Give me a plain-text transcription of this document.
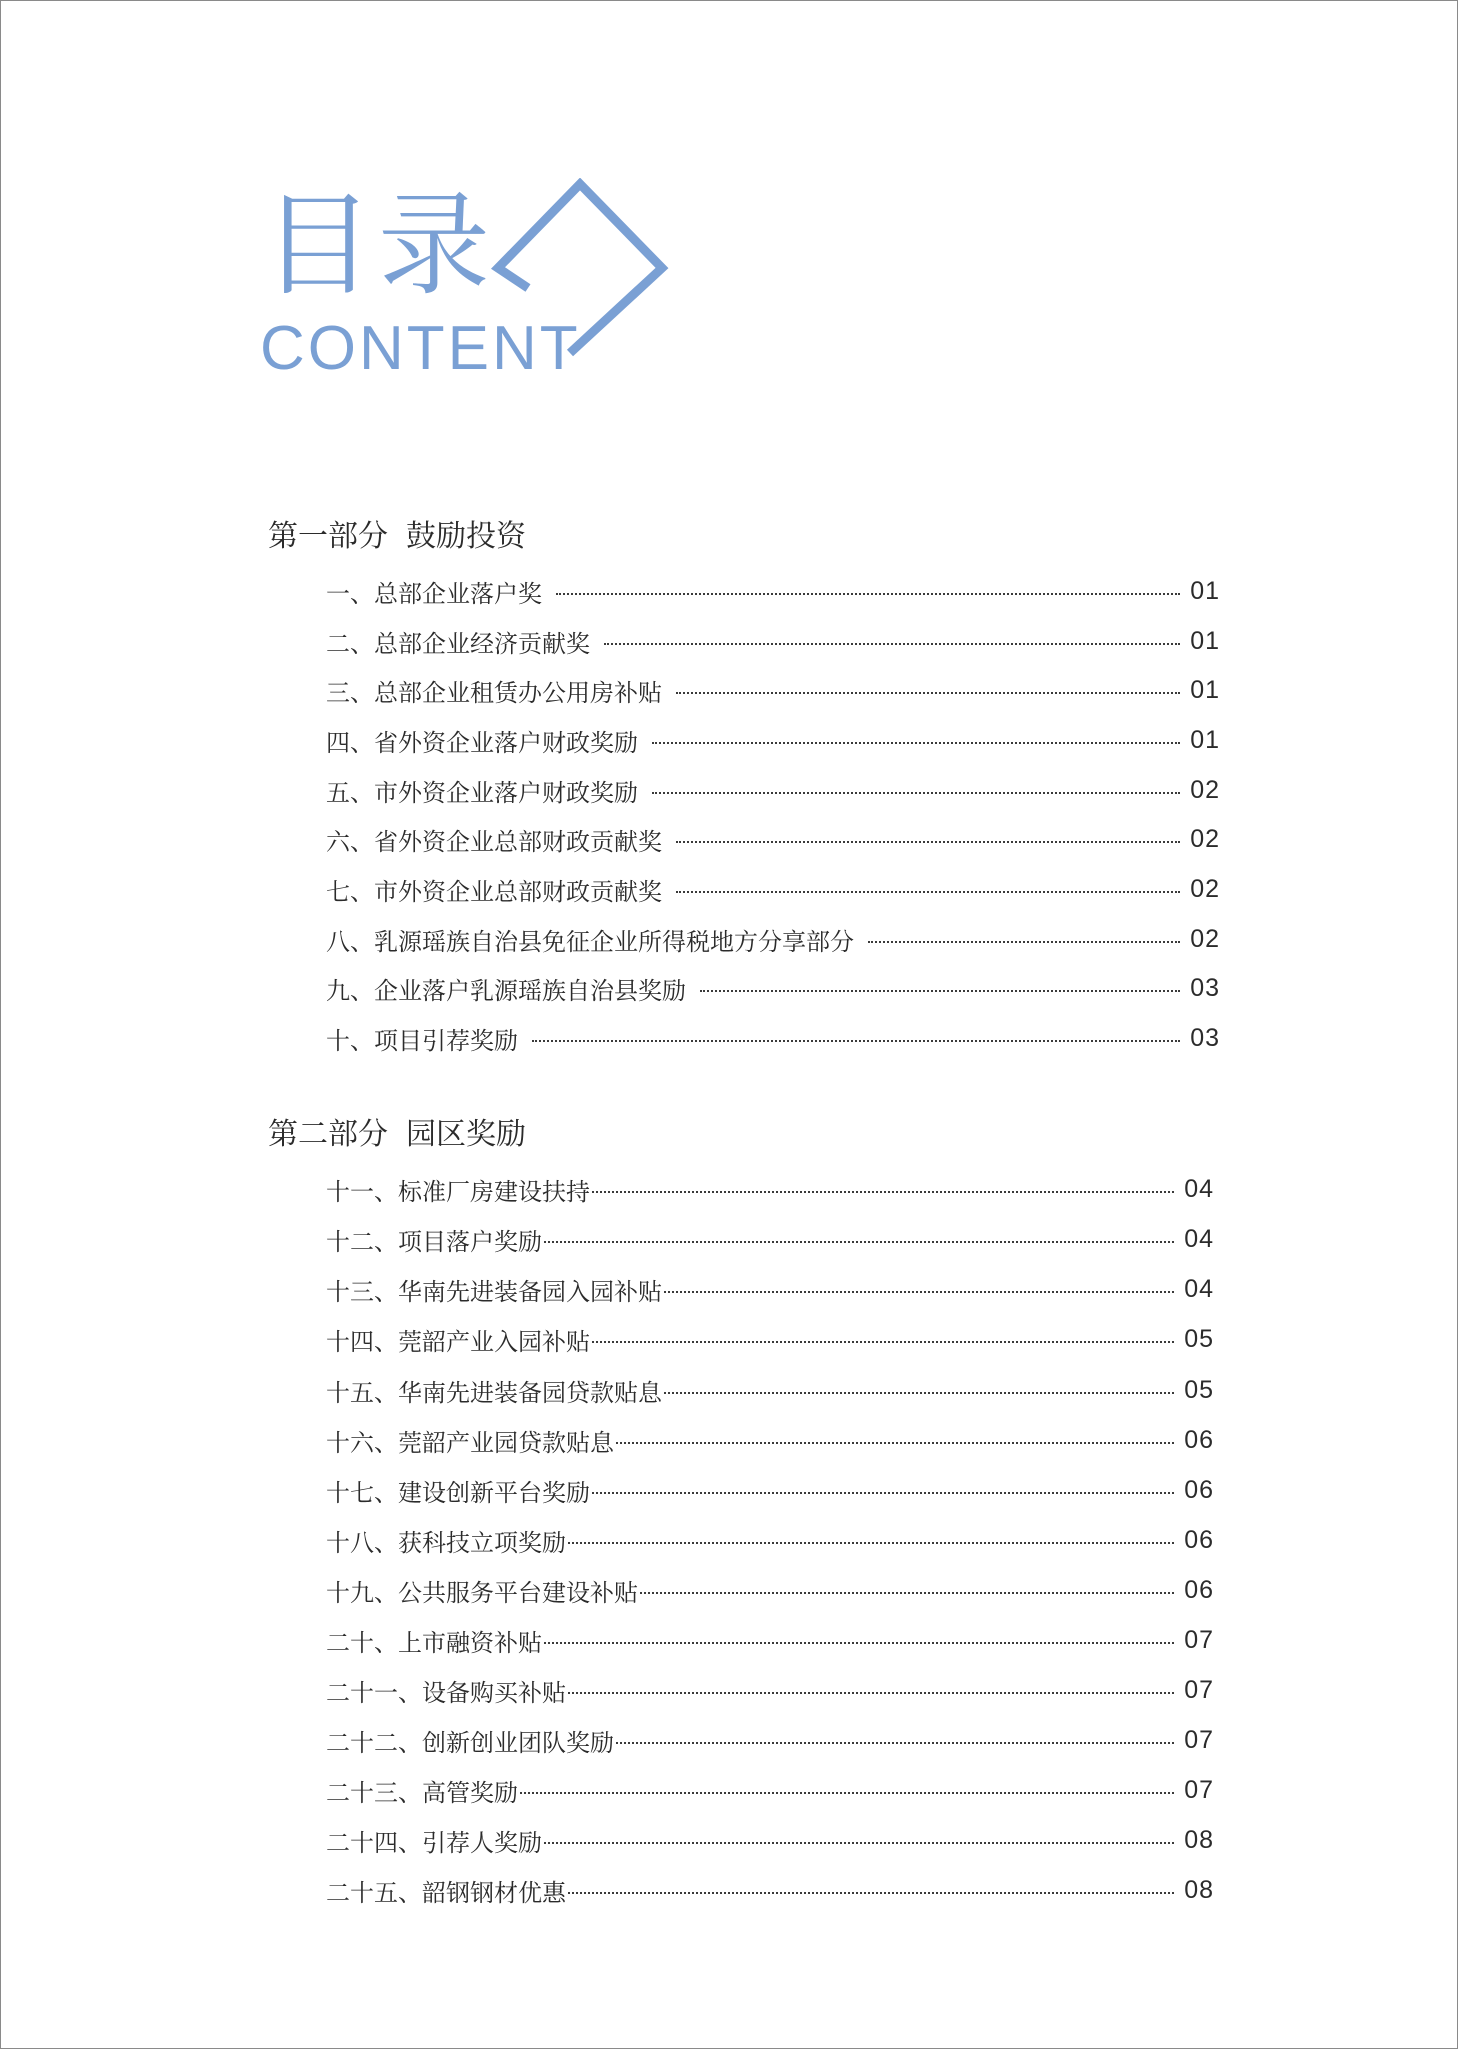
目录
CONTENT
第一部分 鼓励投资
一、总部企业落户奖	01
二、总部企业经济贡献奖	01
三、总部企业租赁办公用房补贴	01
四、省外资企业落户财政奖励	01
五、市外资企业落户财政奖励	02
六、省外资企业总部财政贡献奖	02
七、市外资企业总部财政贡献奖	02
八、乳源瑶族自治县免征企业所得税地方分享部分	02
九、企业落户乳源瑶族自治县奖励	03
十、项目引荐奖励	03
第二部分 园区奖励
十一、标准厂房建设扶持	04
十二、项目落户奖励	04
十三、华南先进装备园入园补贴	04
十四、莞韶产业入园补贴	05
十五、华南先进装备园贷款贴息	05
十六、莞韶产业园贷款贴息	06
十七、建设创新平台奖励	06
十八、获科技立项奖励	06
十九、公共服务平台建设补贴	06
二十、上市融资补贴	07
二十一、设备购买补贴	07
二十二、创新创业团队奖励	07
二十三、高管奖励	07
二十四、引荐人奖励	08
二十五、韶钢钢材优惠	08
